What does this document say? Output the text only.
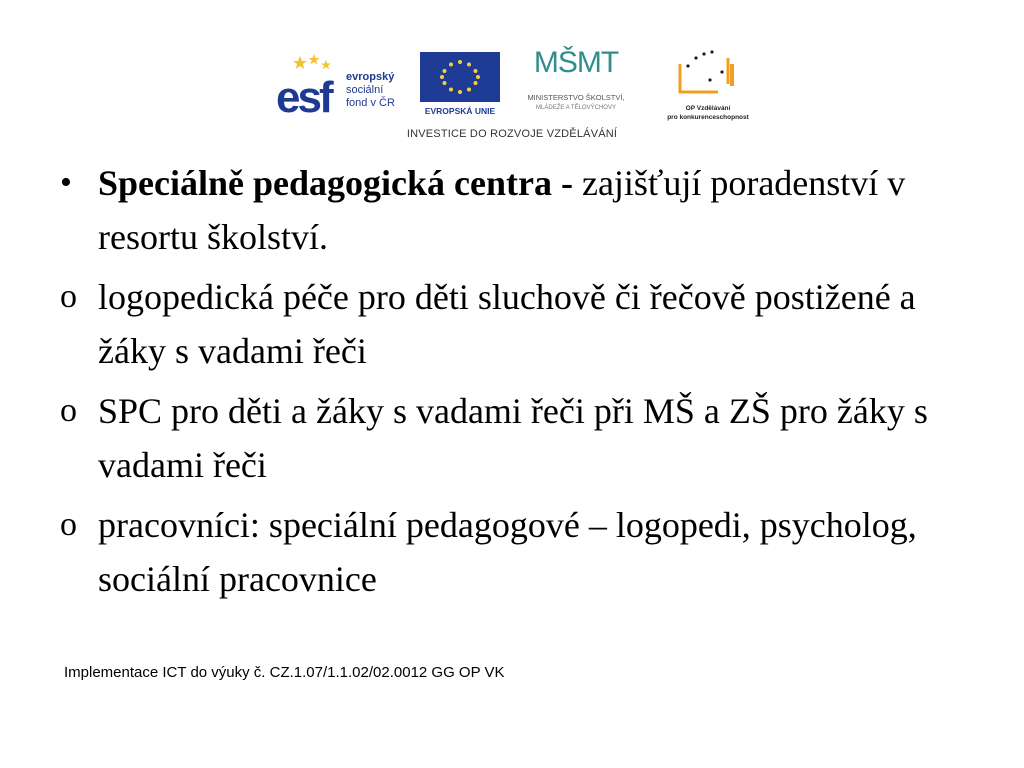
esf	evropský
sociální
fond v ČR
EVROPSKÁ UNIE
MŠMT
MINISTERSTVO ŠKOLSTVÍ,
MLÁDEŽE A TĚLOVÝCHOVY	OP Vzdělávání
pro konkurenceschopnost
INVESTICE DO ROZVOJE VZDĚLÁVÁNÍ
• Speciálně pedagogická centra - zajišťují poradenství v resortu školství.
o logopedická péče pro děti sluchově či řečově postižené a žáky s vadami řeči
o SPC pro děti a žáky s vadami řeči při MŠ a ZŠ pro žáky s vadami řeči
o pracovníci: speciální pedagogové – logopedi, psycholog, sociální pracovnice
Implementace ICT do výuky č. CZ.1.07/1.1.02/02.0012 GG OP VK
